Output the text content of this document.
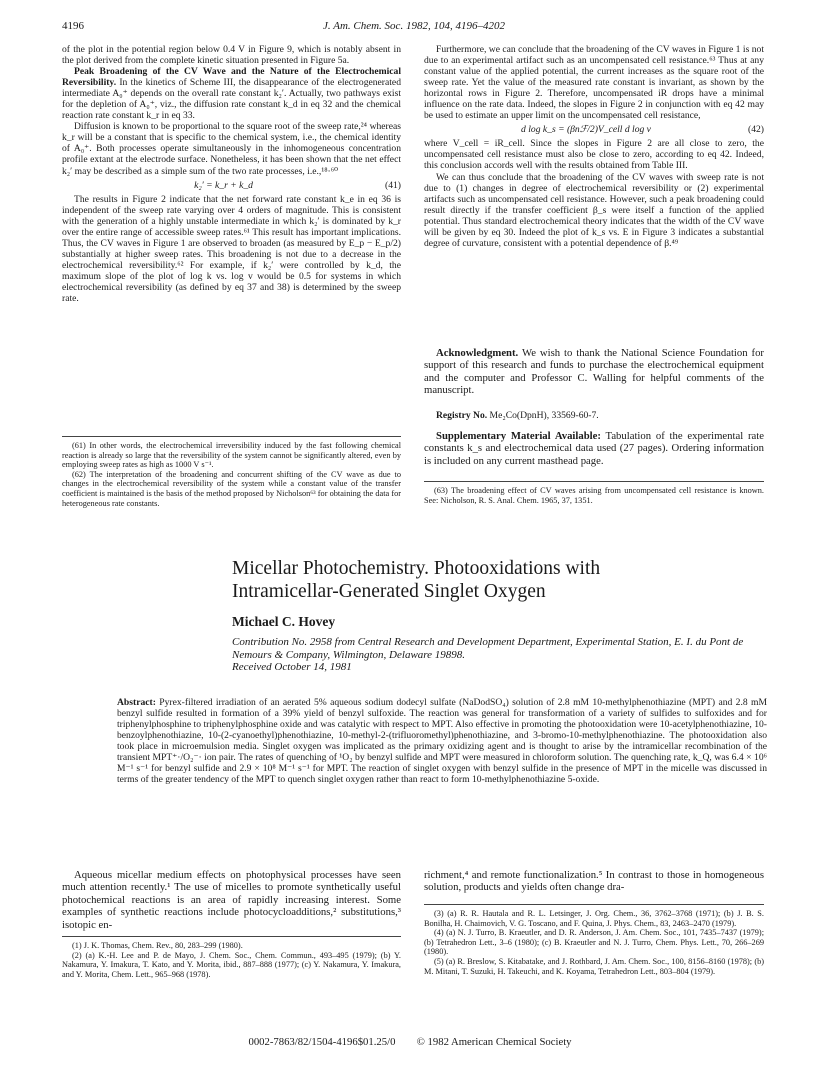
4196	J. Am. Chem. Soc. 1982, 104, 4196–4202

of the plot in the potential region below 0.4 V in Figure 9, which is notably absent in the plot derived from the complete kinetic situation presented in Figure 5a.

Peak Broadening of the CV Wave and the Nature of the Electrochemical Reversibility. In the kinetics of Scheme III, the disappearance of the electrogenerated intermediate A₀⁺ depends on the overall rate constant k₂′. Actually, two pathways exist for the depletion of A₀⁺, viz., the diffusion rate constant k_d in eq 32 and the chemical reaction rate constant k_r in eq 33.

Diffusion is known to be proportional to the square root of the sweep rate,²⁴ whereas k_r will be a constant that is specific to the chemical system, i.e., the chemical identity of A₀⁺. Both processes operate simultaneously in the inhomogeneous concentration profile extant at the electrode surface. Nonetheless, it has been shown that the net effect k₂′ may be described as a simple sum of the two rate processes, i.e.,¹⁸·⁶⁰

k₂′ = k_r + k_d	(41)

The results in Figure 2 indicate that the net forward rate constant k_e in eq 36 is independent of the sweep rate varying over 4 orders of magnitude. This is consistent with the generation of a highly unstable intermediate in which k₂′ is dominated by k_r over the entire range of accessible sweep rates.⁶¹ This result has important implications. Thus, the CV waves in Figure 1 are observed to broaden (as measured by E_p − E_p/2) substantially at higher sweep rates. This broadening is not due to a decrease in the electrochemical reversibility.⁶² For example, if k₂′ were controlled by k_d, the maximum slope of the plot of log k vs. log v would be 0.5 for systems in which electrochemical reversibility (as defined by eq 37 and 38) is determined by the sweep rate.

(61) In other words, the electrochemical irreversibility induced by the fast following chemical reaction is already so large that the reversibility of the system cannot be significantly altered, even by employing sweep rates as high as 1000 V s⁻¹.

(62) The interpretation of the broadening and concurrent shifting of the CV wave as due to changes in the electrochemical reversibility of the system while a constant value of the transfer coefficient is maintained is the basis of the method proposed by Nicholson⁶³ for obtaining the data for heterogeneous rate constants.

Furthermore, we can conclude that the broadening of the CV waves in Figure 1 is not due to an experimental artifact such as an uncompensated cell resistance.⁶³ Thus at any constant value of the applied potential, the current increases as the square root of the sweep rate. Yet the value of the measured rate constant is invariant, as shown by the horizontal rows in Figure 2. Therefore, uncompensated iR drops have a minimal influence on the rate data. Indeed, the slopes in Figure 2 in conjunction with eq 42 may be used to estimate an upper limit on the uncompensated cell resistance,

d log k_s = (βnℱ/2)V_cell d log v	(42)

where V_cell = iR_cell. Since the slopes in Figure 2 are all close to zero, the uncompensated cell resistance must also be close to zero, according to eq 42. Indeed, this conclusion accords well with the results obtained from Table III.

We can thus conclude that the broadening of the CV waves with sweep rate is not due to (1) changes in degree of electrochemical reversibility or (2) experimental artifacts such as uncompensated cell resistance. However, such a peak broadening could result directly if the transfer coefficient β_s were itself a function of the applied potential. Thus standard electrochemical theory indicates that the width of the CV wave will be given by eq 30. Indeed the plot of k_s vs. E in Figure 3 indicates a substantial degree of curvature, consistent with a potential dependence of β.⁴⁹

Acknowledgment. We wish to thank the National Science Foundation for support of this research and funds to purchase the electrochemical equipment and the computer and Professor C. Walling for helpful comments of the manuscript.
Registry No. Me₂Co(DpnH), 33569-60-7.
Supplementary Material Available: Tabulation of the experimental rate constants k_s and electrochemical data used (27 pages). Ordering information is included on any current masthead page.

(63) The broadening effect of CV waves arising from uncompensated cell resistance is known. See: Nicholson, R. S. Anal. Chem. 1965, 37, 1351.

Micellar Photochemistry. Photooxidations with
Intramicellar-Generated Singlet Oxygen
Michael C. Hovey
Contribution No. 2958 from Central Research and Development Department, Experimental Station, E. I. du Pont de Nemours & Company, Wilmington, Delaware 19898.
Received October 14, 1981
Abstract: Pyrex-filtered irradiation of an aerated 5% aqueous sodium dodecyl sulfate (NaDodSO₄) solution of 2.8 mM 10-methylphenothiazine (MPT) and 2.8 mM benzyl sulfide resulted in formation of a 39% yield of benzyl sulfoxide. The reaction was general for transformation of a variety of sulfides to sulfoxides and for triphenylphosphine to triphenylphosphine oxide and was catalytic with respect to MPT. Also effective in promoting the photooxidation were 10-acetylphenothiazine, 10-benzoylphenothiazine, 10-(2-cyanoethyl)phenothiazine, 10-methyl-2-(trifluoromethyl)phenothiazine, and 3-bromo-10-methylphenothiazine. The photooxidation also took place in microemulsion media. Singlet oxygen was implicated as the primary oxidizing agent and is thought to arise by the intramicellar recombination of the transient MPT⁺·/O₂⁻· ion pair. The rates of quenching of ¹O₂ by benzyl sulfide and MPT were measured in chloroform solution. The quenching rate, k_Q, was 6.4 × 10⁶ M⁻¹ s⁻¹ for benzyl sulfide and 2.9 × 10⁸ M⁻¹ s⁻¹ for MPT. The reaction of singlet oxygen with benzyl sulfide in the presence of MPT in the micelle was discussed in terms of the greater tendency of the MPT to quench singlet oxygen rather than react to form 10-methylphenothiazine 5-oxide.
Aqueous micellar medium effects on photophysical processes have seen much attention recently.¹ The use of micelles to promote synthetically useful photochemical reactions is an area of rapidly increasing interest. Some examples of synthetic reactions include photocycloadditions,² substitutions,³ isotopic en-

(1) J. K. Thomas, Chem. Rev., 80, 283–299 (1980).

(2) (a) K.-H. Lee and P. de Mayo, J. Chem. Soc., Chem. Commun., 493–495 (1979); (b) Y. Nakamura, Y. Imakura, T. Kato, and Y. Morita, ibid., 887–888 (1977); (c) Y. Nakamura, Y. Imakura, and Y. Morita, Chem. Lett., 965–968 (1978).

richment,⁴ and remote functionalization.⁵ In contrast to those in homogeneous solution, products and yields often change dra-

(3) (a) R. R. Hautala and R. L. Letsinger, J. Org. Chem., 36, 3762–3768 (1971); (b) J. B. S. Bonilha, H. Chaimovich, V. G. Toscano, and F. Quina, J. Phys. Chem., 83, 2463–2470 (1979).

(4) (a) N. J. Turro, B. Kraeutler, and D. R. Anderson, J. Am. Chem. Soc., 101, 7435–7437 (1979); (b) Tetrahedron Lett., 3–6 (1980); (c) B. Kraeutler and N. J. Turro, Chem. Phys. Lett., 70, 266–269 (1980).

(5) (a) R. Breslow, S. Kitabatake, and J. Rothbard, J. Am. Chem. Soc., 100, 8156–8160 (1978); (b) M. Mitani, T. Suzuki, H. Takeuchi, and K. Koyama, Tetrahedron Lett., 803–804 (1979).

0002-7863/82/1504-4196$01.25/0 © 1982 American Chemical Society
